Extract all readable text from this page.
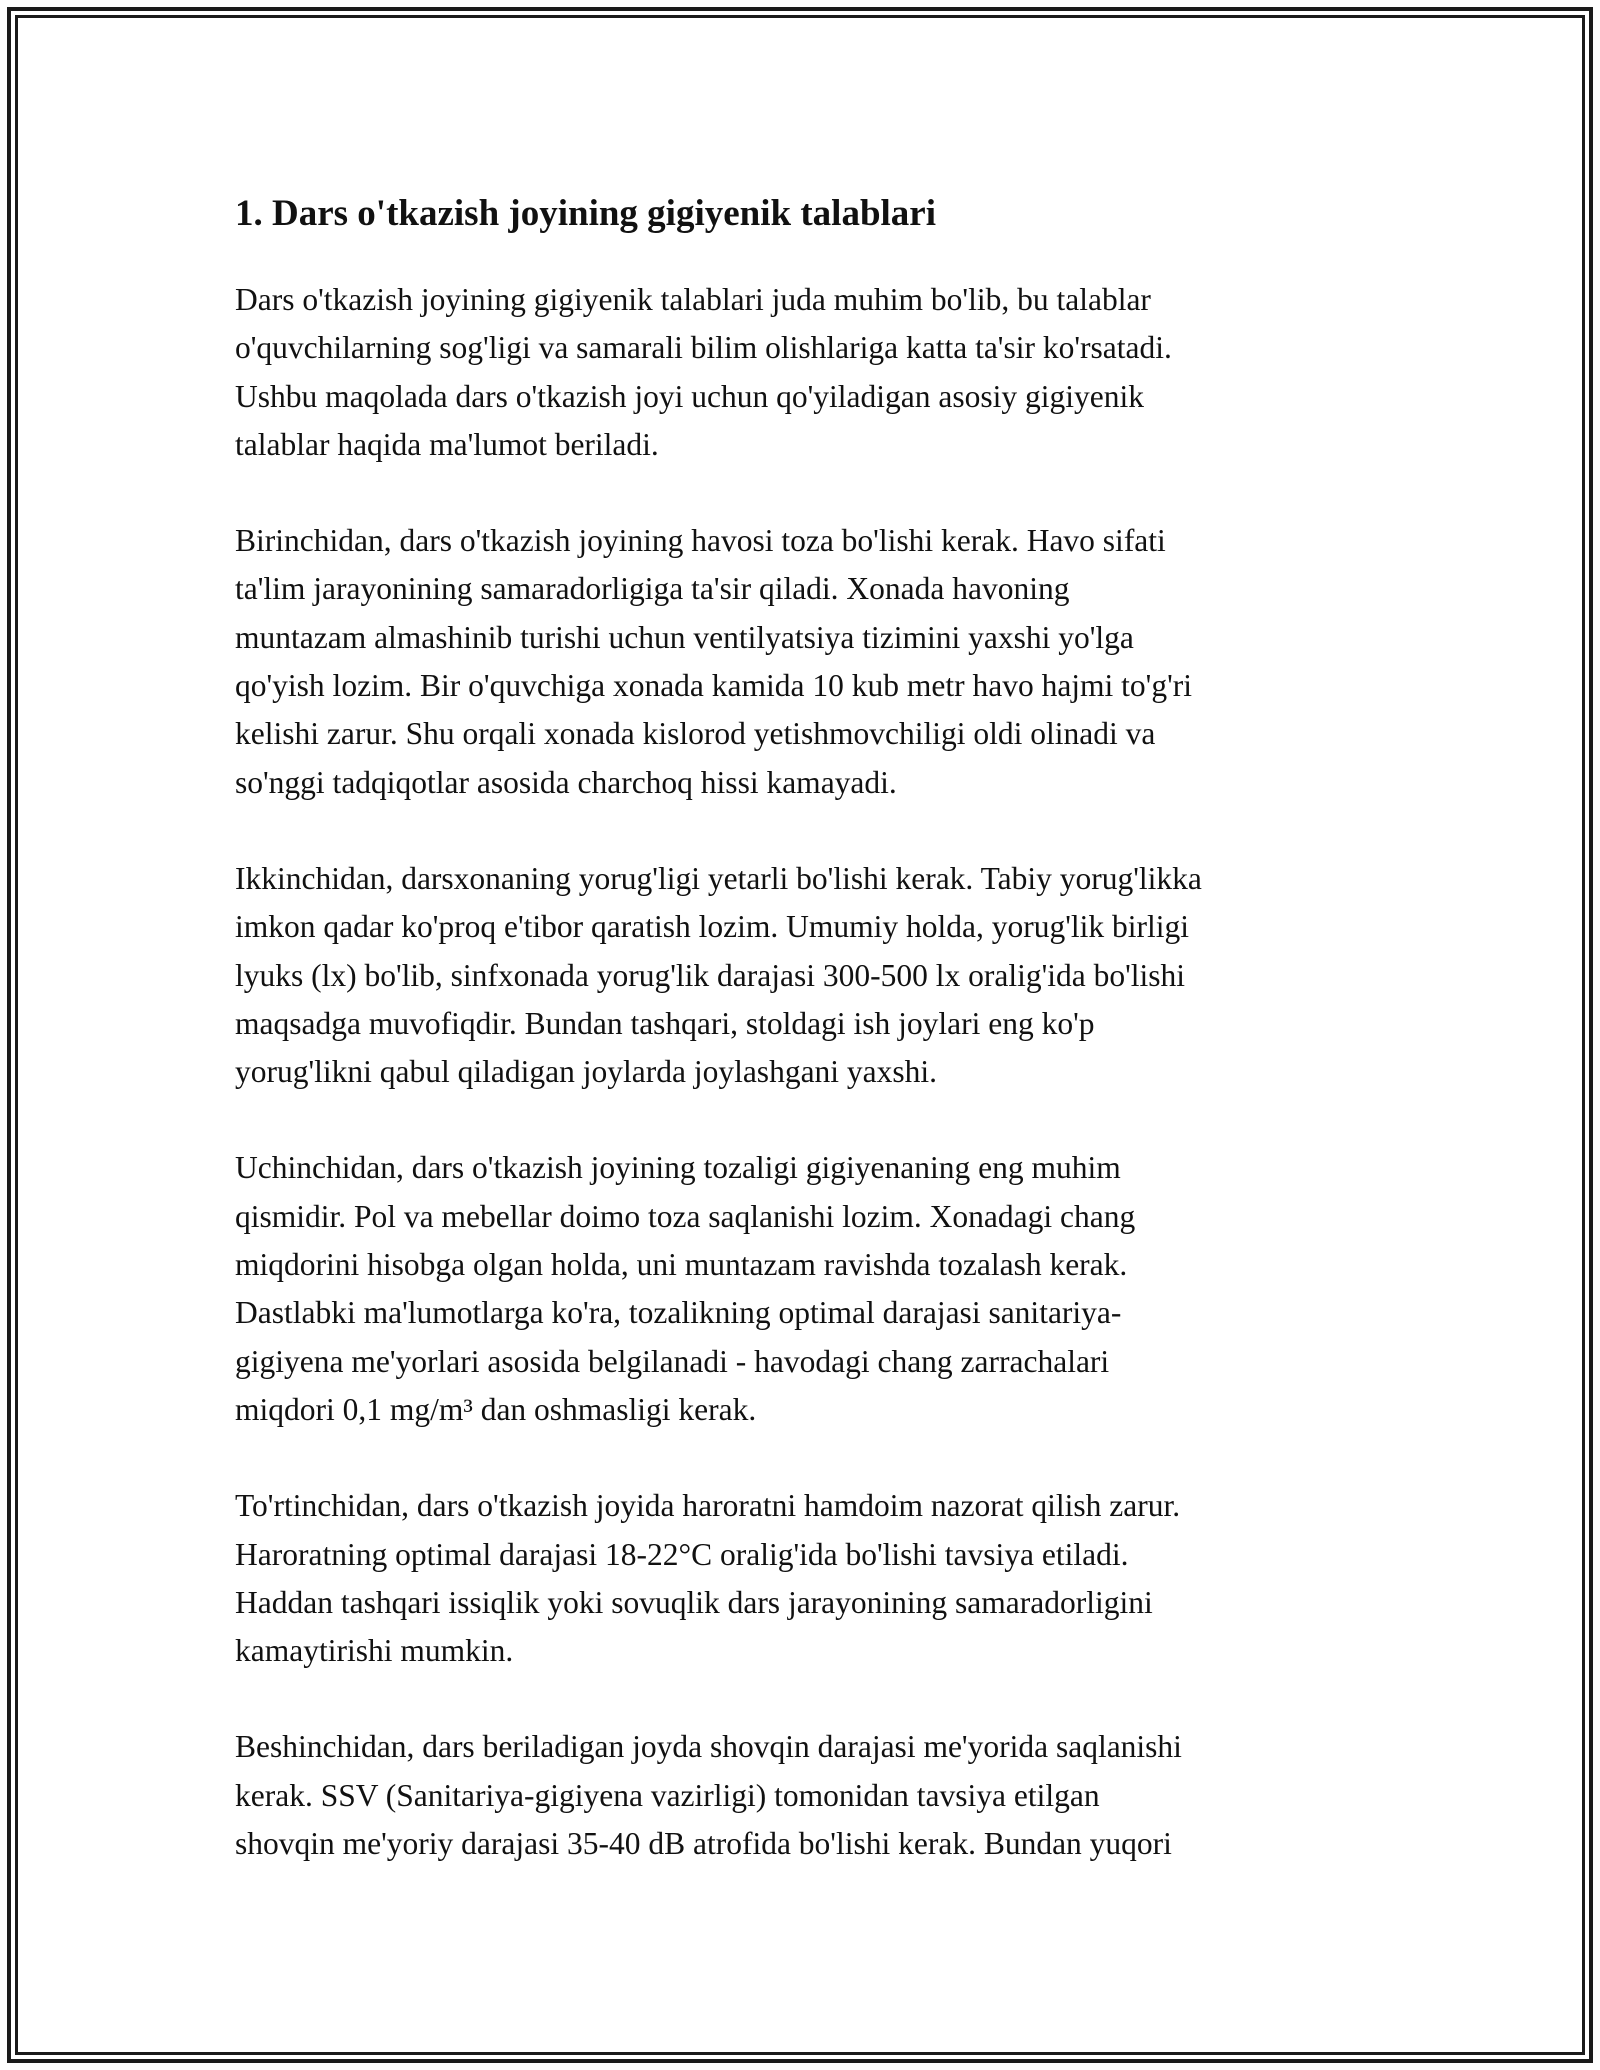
1. Dars o'tkazish joyining gigiyenik talablari

Dars o'tkazish joyining gigiyenik talablari juda muhim bo'lib, bu talablar
o'quvchilarning sog'ligi va samarali bilim olishlariga katta ta'sir ko'rsatadi.
Ushbu maqolada dars o'tkazish joyi uchun qo'yiladigan asosiy gigiyenik
talablar haqida ma'lumot beriladi.

Birinchidan, dars o'tkazish joyining havosi toza bo'lishi kerak. Havo sifati
ta'lim jarayonining samaradorligiga ta'sir qiladi. Xonada havoning
muntazam almashinib turishi uchun ventilyatsiya tizimini yaxshi yo'lga
qo'yish lozim. Bir o'quvchiga xonada kamida 10 kub metr havo hajmi to'g'ri
kelishi zarur. Shu orqali xonada kislorod yetishmovchiligi oldi olinadi va
so'nggi tadqiqotlar asosida charchoq hissi kamayadi.

Ikkinchidan, darsxonaning yorug'ligi yetarli bo'lishi kerak. Tabiy yorug'likka
imkon qadar ko'proq e'tibor qaratish lozim. Umumiy holda, yorug'lik birligi
lyuks (lx) bo'lib, sinfxonada yorug'lik darajasi 300-500 lx oralig'ida bo'lishi
maqsadga muvofiqdir. Bundan tashqari, stoldagi ish joylari eng ko'p
yorug'likni qabul qiladigan joylarda joylashgani yaxshi.

Uchinchidan, dars o'tkazish joyining tozaligi gigiyenaning eng muhim
qismidir. Pol va mebellar doimo toza saqlanishi lozim. Xonadagi chang
miqdorini hisobga olgan holda, uni muntazam ravishda tozalash kerak.
Dastlabki ma'lumotlarga ko'ra, tozalikning optimal darajasi sanitariya-
gigiyena me'yorlari asosida belgilanadi - havodagi chang zarrachalari
miqdori 0,1 mg/m³ dan oshmasligi kerak.

To'rtinchidan, dars o'tkazish joyida haroratni hamdoim nazorat qilish zarur.
Haroratning optimal darajasi 18-22°C oralig'ida bo'lishi tavsiya etiladi.
Haddan tashqari issiqlik yoki sovuqlik dars jarayonining samaradorligini
kamaytirishi mumkin.

Beshinchidan, dars beriladigan joyda shovqin darajasi me'yorida saqlanishi
kerak. SSV (Sanitariya-gigiyena vazirligi) tomonidan tavsiya etilgan
shovqin me'yoriy darajasi 35-40 dB atrofida bo'lishi kerak. Bundan yuqori
